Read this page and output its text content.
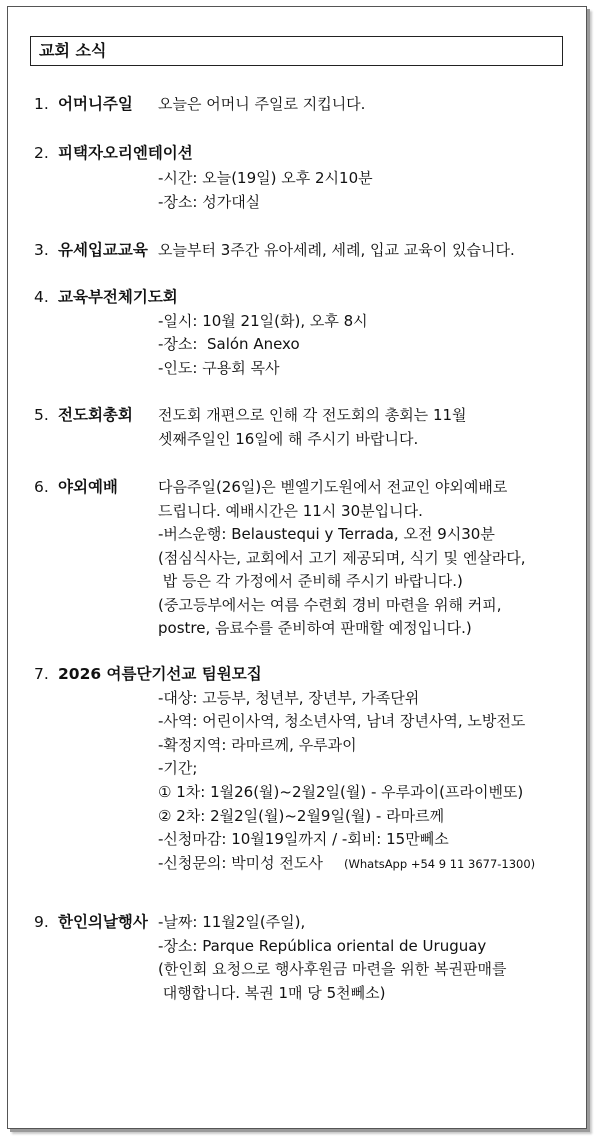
교회 소식
1. 어머니주일 오늘은 어머니 주일로 지킵니다.
2. 피택자오리엔테이션
-시간: 오늘(19일) 오후 2시10분
-장소: 성가대실
3. 유세입교교육 오늘부터 3주간 유아세례, 세례, 입교 교육이 있습니다.
4. 교육부전체기도회
-일시: 10월 21일(화), 오후 8시
-장소:  Salón Anexo
-인도: 구용회 목사
5. 전도회총회 전도회 개편으로 인해 각 전도회의 총회는 11월
셋째주일인 16일에 해 주시기 바랍니다.
6. 야외예배	다음주일(26일)은 벧엘기도원에서 전교인 야외예배로
드립니다. 예배시간은 11시 30분입니다.
-버스운행: Belaustequi y Terrada, 오전 9시30분
(점심식사는, 교회에서 고기 제공되며, 식기 및 엔살라다,
밥 등은 각 가정에서 준비해 주시기 바랍니다.)
(중고등부에서는 여름 수련회 경비 마련을 위해 커피,
postre, 음료수를 준비하여 판매할 예정입니다.)
7. 2026 여름단기선교 팀원모집
-대상: 고등부, 청년부, 장년부, 가족단위
-사역: 어린이사역, 청소년사역, 남녀 장년사역, 노방전도
-확정지역: 라마르께, 우루과이
-기간;
① 1차: 1월26(월)~2월2일(월) - 우루과이(프라이벤또)
② 2차: 2월2일(월)~2월9일(월) - 라마르께
-신청마감: 10월19일까지 / -회비: 15만뻬소
-신청문의: 박미성 전도사 (WhatsApp +54 9 11 3677-1300)
9. 한인의날행사 -날짜: 11월2일(주일),
-장소: Parque República oriental de Uruguay
(한인회 요청으로 행사후원금 마련을 위한 복권판매를
대행합니다. 복권 1매 당 5천뻬소)
